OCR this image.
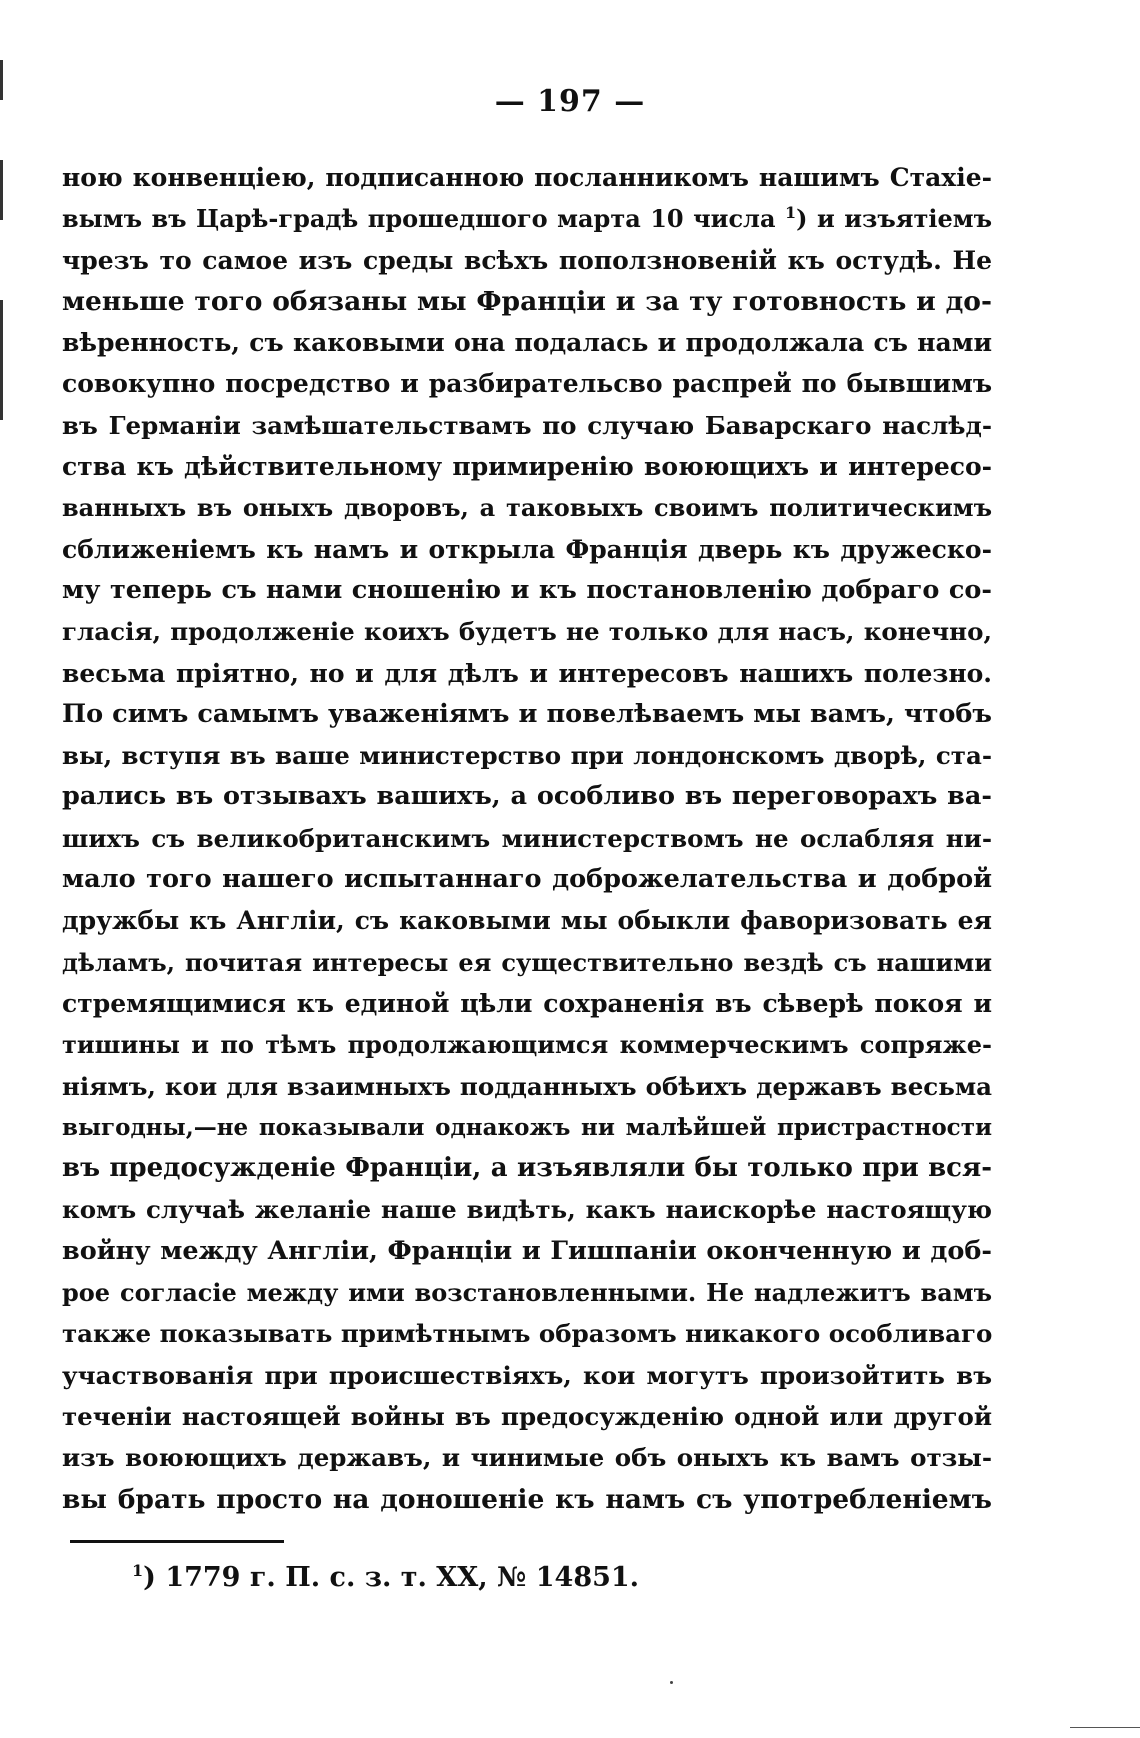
— 197 —
ною конвенціею, подписанною посланникомъ нашимъ Стахіе-
вымъ въ Царѣ-градѣ прошедшого марта 10 числа $^1$) и изъятіемъ
чрезъ то самое изъ среды всѣхъ поползновеній къ остудѣ. Не
меньше того обязаны мы Франціи и за ту готовность и до-
вѣренность, съ каковыми она подалась и продолжала съ нами
совокупно посредство и разбирательсво распрей по бывшимъ
въ Германіи замѣшательствамъ по случаю Баварскаго наслѣд-
ства къ дѣйствительному примиренію воюющихъ и интересо-
ванныхъ въ оныхъ дворовъ, а таковыхъ своимъ политическимъ
сближеніемъ къ намъ и открыла Франція дверь къ дружеско-
му теперь съ нами сношенію и къ постановленію добраго со-
гласія, продолженіе коихъ будетъ не только для насъ, конечно,
весьма пріятно, но и для дѣлъ и интересовъ нашихъ полезно.
По симъ самымъ уваженіямъ и повелѣваемъ мы вамъ, чтобъ
вы, вступя въ ваше министерство при лондонскомъ дворѣ, ста-
рались въ отзывахъ вашихъ, а особливо въ переговорахъ ва-
шихъ съ великобританскимъ министерствомъ не ослабляя ни-
мало того нашего испытаннаго доброжелательства и доброй
дружбы къ Англіи, съ каковыми мы обыкли фаворизовать ея
дѣламъ, почитая интересы ея существительно вездѣ съ нашими
стремящимися къ единой цѣли сохраненія въ сѣверѣ покоя и
тишины и по тѣмъ продолжающимся коммерческимъ сопряже-
ніямъ, кои для взаимныхъ подданныхъ обѣихъ державъ весьма
выгодны,—не показывали однакожъ ни малѣйшей пристрастности
въ предосужденіе Франціи, а изъявляли бы только при вся-
комъ случаѣ желаніе наше видѣть, какъ наискорѣе настоящую
войну между Англіи, Франціи и Гишпаніи оконченную и доб-
рое согласіе между ими возстановленными. Не надлежитъ вамъ
также показывать примѣтнымъ образомъ никакого особливаго
участвованія при происшествіяхъ, кои могутъ произойтить въ
теченіи настоящей войны въ предосужденію одной или другой
изъ воюющихъ державъ, и чинимые объ оныхъ къ вамъ отзы-
вы брать просто на доношеніе къ намъ съ употребленіемъ
$^1$) 1779 г. П. с. з. т. XX, № 14851.
